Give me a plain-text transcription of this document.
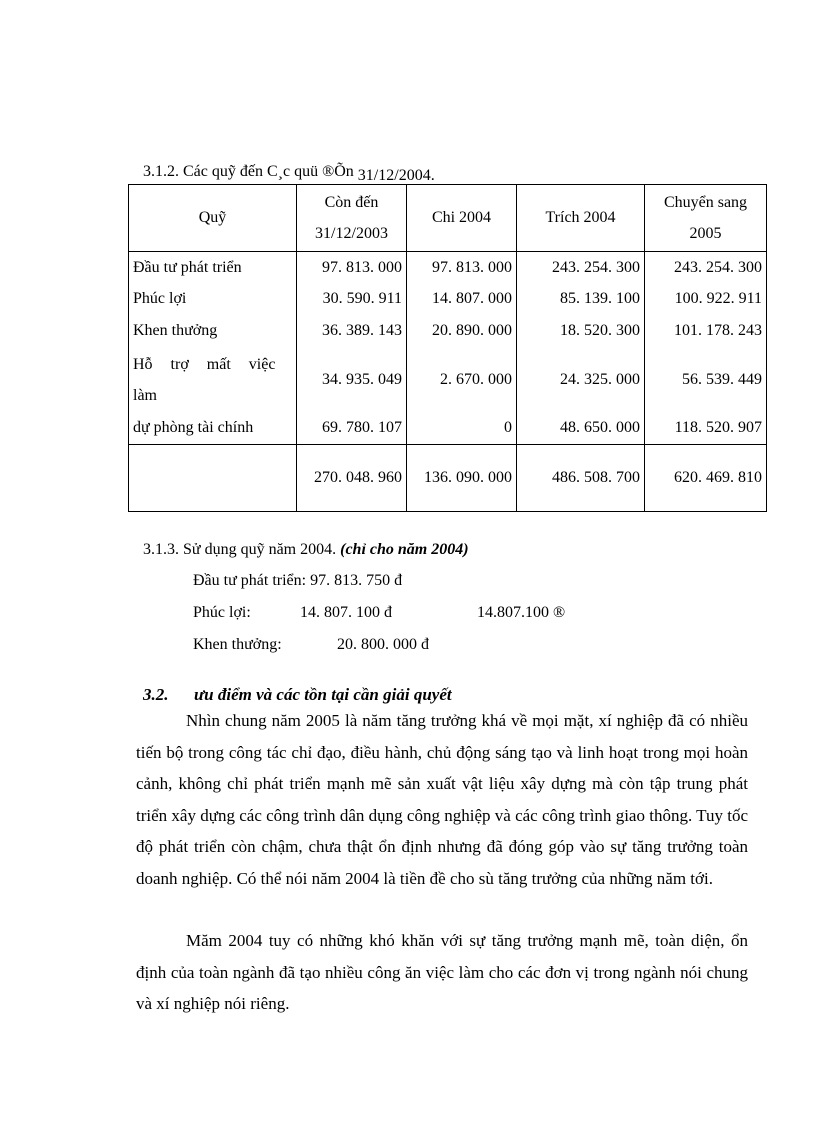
3.1.2. Các quỹ đến C¸c quü ®Õn 31/12/2004.
Quỹ	Còn đến 31/12/2003	Chi 2004	Trích 2004	Chuyển sang 2005
Đầu tư phát triển	97. 813. 000	97. 813. 000	243. 254. 300	243. 254. 300
Phúc lợi	30. 590. 911	14. 807. 000	85. 139. 100	100. 922. 911
Khen thưởng	36. 389. 143	20. 890. 000	18. 520. 300	101. 178. 243

Hỗ trợ mất việc làm	34. 935. 049	2. 670. 000	24. 325. 000	56. 539. 449
dự phòng tài chính	69. 780. 107	0	48. 650. 000	118. 520. 907
	270. 048. 960	136. 090. 000	486. 508. 700	620. 469. 810
3.1.3. Sử dụng quỹ năm 2004. (chỉ cho năm 2004)
Đầu tư phát triển: 97. 813. 750 đ
Phúc lợi:	14. 807. 100 đ	14.807.100 ®
Khen thưởng:	20. 800. 000 đ
3.2. ưu điểm và các tồn tại cần giải quyết
Nhìn chung năm 2005 là năm tăng trưởng khá về mọi mặt, xí nghiệp đã có nhiều tiến bộ trong công tác chỉ đạo, điều hành, chủ động sáng tạo và linh hoạt trong mọi hoàn cảnh, không chỉ phát triển mạnh mẽ sản xuất vật liệu xây dựng mà còn tập trung phát triển xây dựng các công trình dân dụng công nghiệp và các công trình giao thông. Tuy tốc độ phát triển còn chậm, chưa thật ổn định nhưng đã đóng góp vào sự tăng trưởng toàn doanh nghiệp. Có thể nói năm 2004 là tiền đề cho sù tăng trưởng của những năm tới.
Măm 2004 tuy có những khó khăn với sự tăng trưởng mạnh mẽ, toàn diện, ổn định của toàn ngành đã tạo nhiều công ăn việc làm cho các đơn vị trong ngành nói chung và xí nghiệp nói riêng.
